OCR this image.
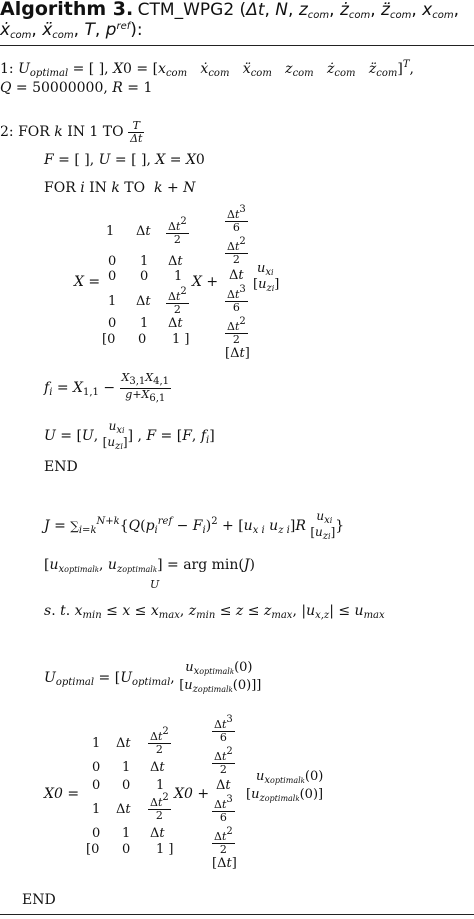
Algorithm 3. CTM_WPG2 (Δt, N, $z_{com}$, $ż_{com}$, $z̈_{com}$, $x_{com}$,
ẋ$_{com}$, ẍ$_{com}$, T, $p^{ref}$):
1: $U_{optimal}$ = [ ], $X0 = [x_{com}$ ẋ$_{com}$ ẍ$_{com}$ $z_{com}$ $ż_{com}$ $z̈_{com}]^T$,
Q = 50000000, R = 1
2: FOR k IN 1 TO $\frac{T}{\Delta t}$
F = [ ], U = [ ], X = X0
FOR i IN k TO  k + N
X =
1 Δt $\frac{\Delta t2}{2}$
0 1 Δt
0 0 1
1 Δt $\frac{\Delta t2}{2}$
0 1 Δt
[0 0 1 ]
X +
$\frac{\Delta t3}{6}$
$\frac{\Delta t2}{2}$
Δt
$\frac{\Delta t3}{6}$
$\frac{\Delta t2}{2}$
[Δt]
$u_{xi}$
$[u_{zi}]$
$f_i = X_{1,1} - \frac{X3,1X4,1}{g+X6,1}$
U = [U,
$u_{xi}$
$[u_{zi}]$ ] , F = [F, $f_i$]
END
$J = \sum_{i=k}^{N+k}\{Q(p_i^{ref} - F_i)^2 + [u_{x i}$ $u_{z i}]R$
$u_{xi}$
$[u_{zi}]$ }
[$u_{xoptimalk}$, $u_{zoptimalk}$] = arg min(J)
U
s. t. $x_{min} \le x \le x_{max}$, $z_{min} \le z \le z_{max}$, $|u_{x,z}| \le u_{max}$
$U_{optimal} = [U_{optimal}$,
$u_{xoptimalk}(0)$
$[u_{zoptimalk}(0)]$]
X0 =
1 Δt $\frac{\Delta t2}{2}$
0 1 Δt
0 0 1
1 Δt $\frac{\Delta t2}{2}$
0 1 Δt
[0 0 1 ]
X0 +
$\frac{\Delta t3}{6}$
$\frac{\Delta t2}{2}$
Δt
$\frac{\Delta t3}{6}$
$\frac{\Delta t2}{2}$
[Δt]
$u_{xoptimalk}(0)$
$[u_{zoptimalk}(0)]$
END
